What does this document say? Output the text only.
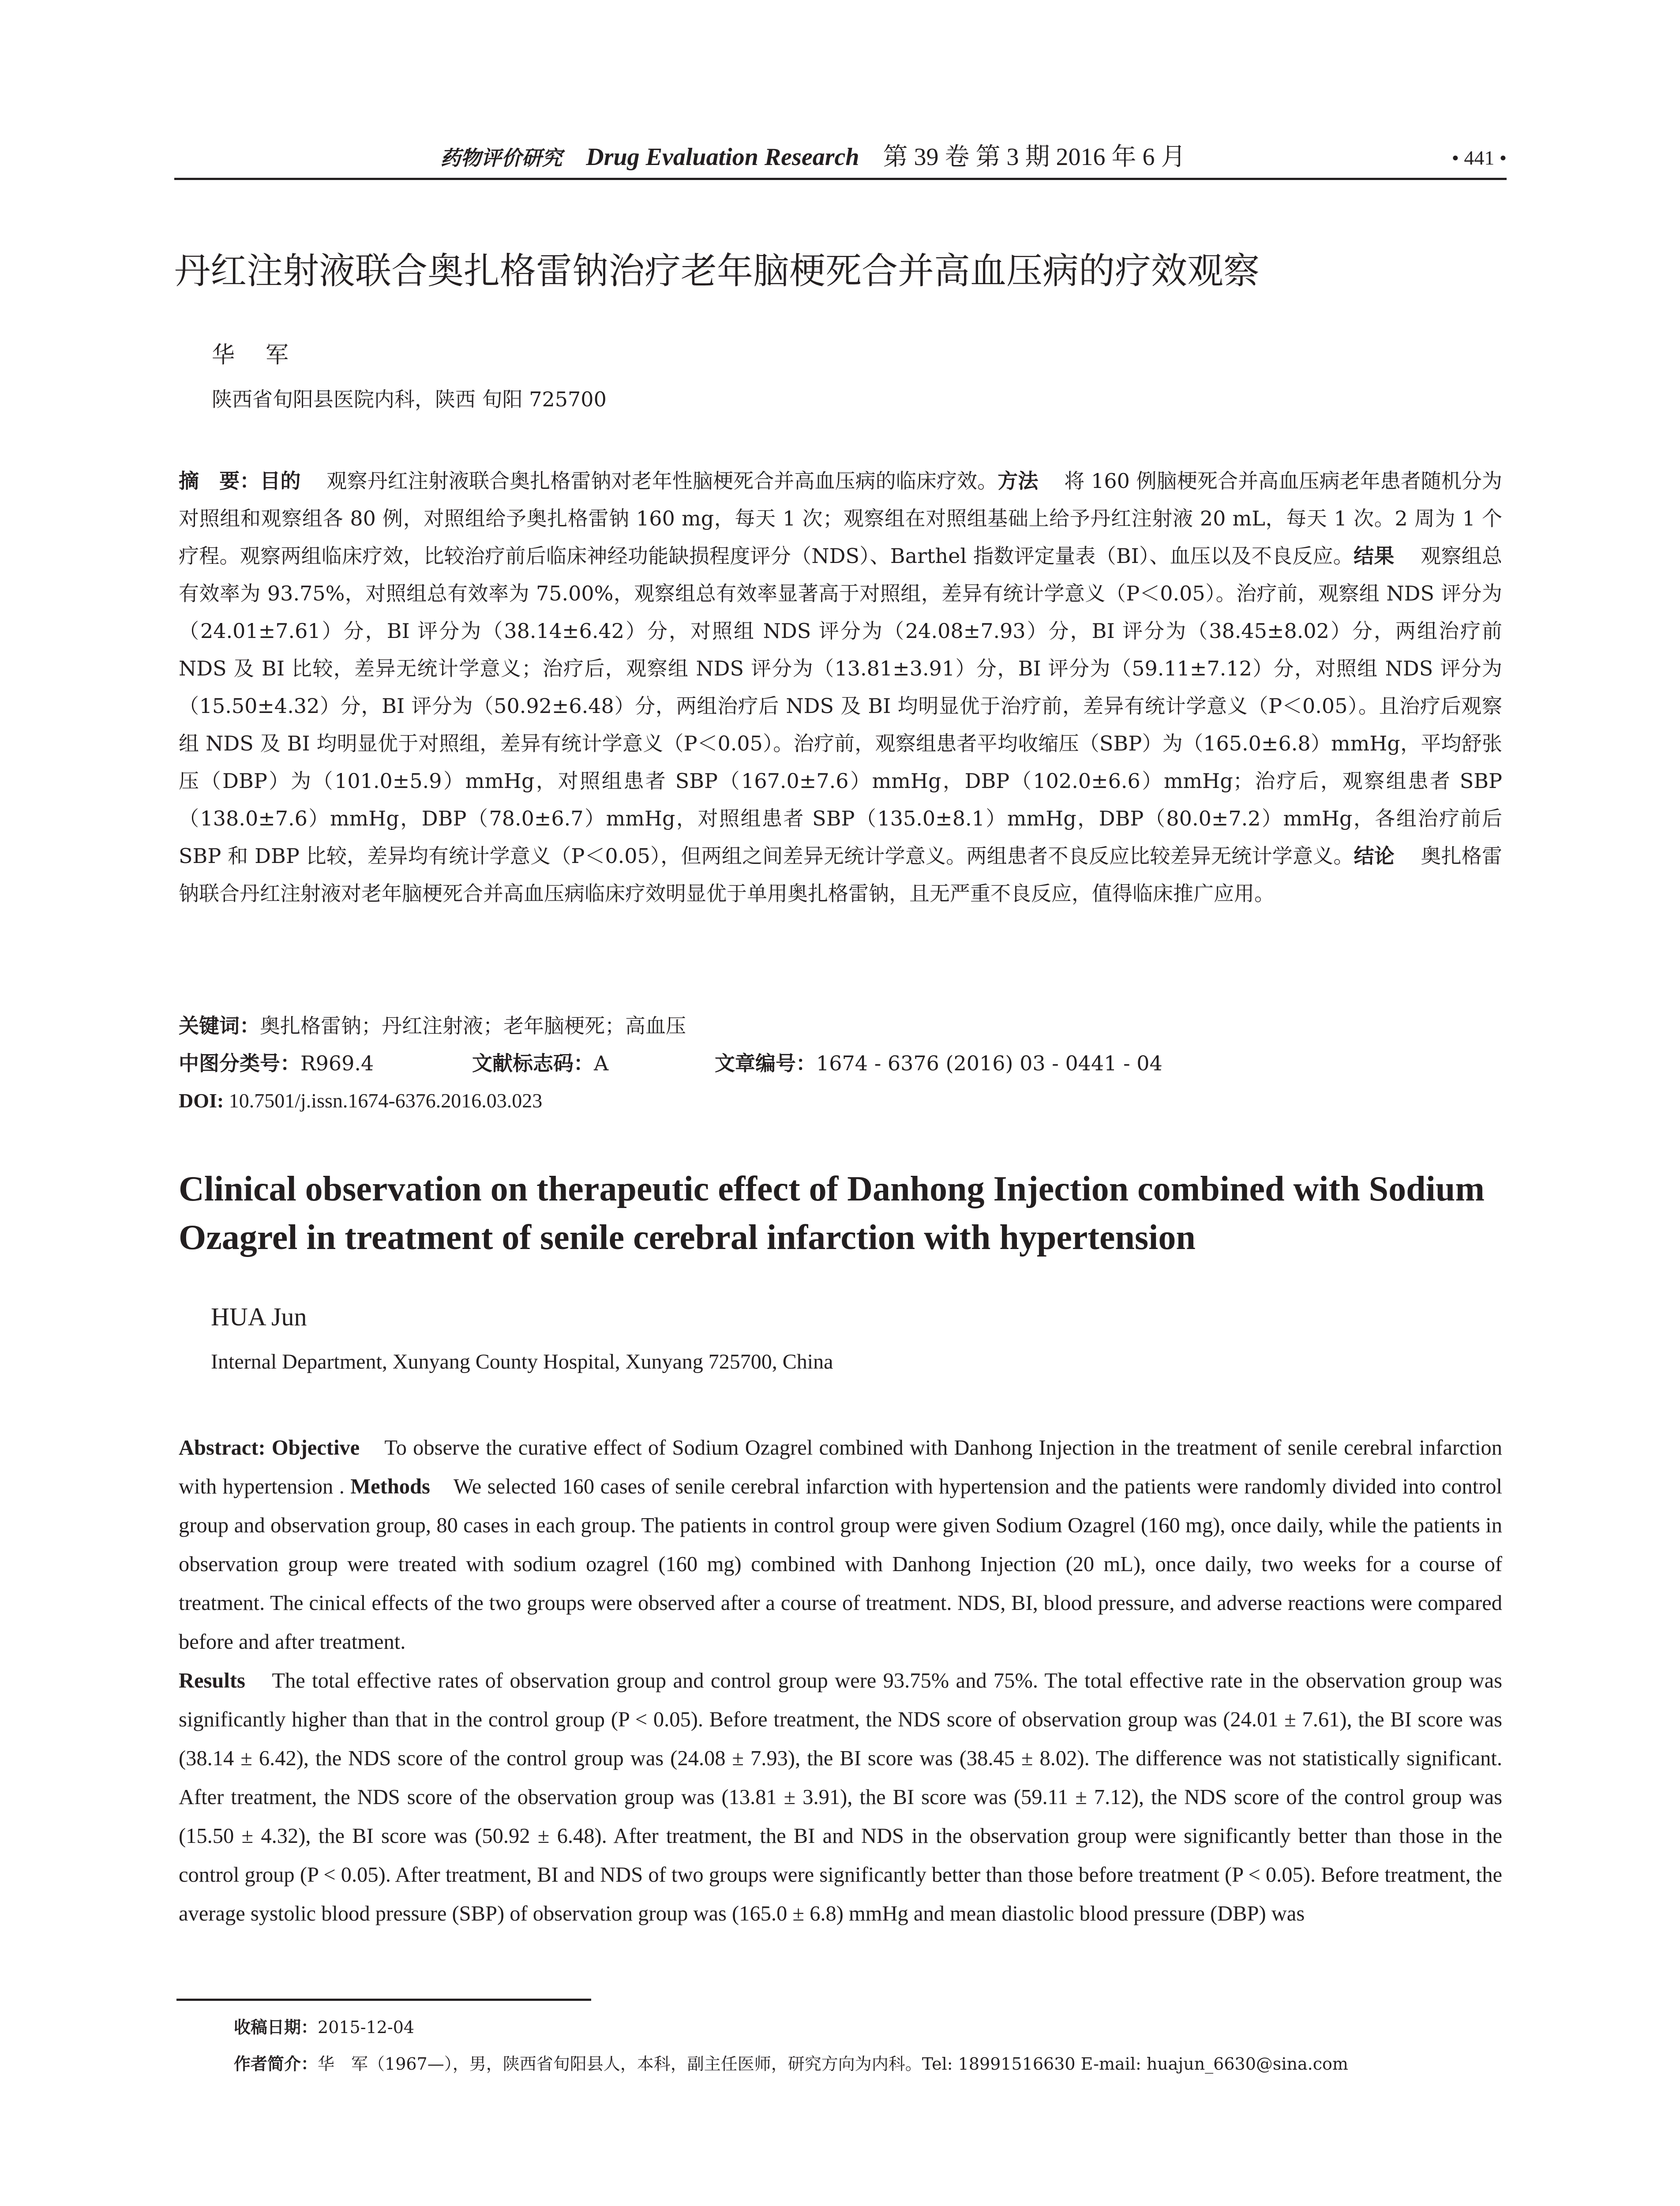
药物评价研究 Drug Evaluation Research 第 39 卷 第 3 期 2016 年 6 月	• 441 •
丹红注射液联合奥扎格雷钠治疗老年脑梗死合并高血压病的疗效观察
华军
陕西省旬阳县医院内科，陕西 旬阳 725700
摘　要：目的 观察丹红注射液联合奥扎格雷钠对老年性脑梗死合并高血压病的临床疗效。方法 将 160 例脑梗死合并高血压病老年患者随机分为对照组和观察组各 80 例，对照组给予奥扎格雷钠 160 mg，每天 1 次；观察组在对照组基础上给予丹红注射液 20 mL，每天 1 次。2 周为 1 个疗程。观察两组临床疗效，比较治疗前后临床神经功能缺损程度评分（NDS）、Barthel 指数评定量表（BI）、血压以及不良反应。结果 观察组总有效率为 93.75%，对照组总有效率为 75.00%，观察组总有效率显著高于对照组，差异有统计学意义（P＜0.05）。治疗前，观察组 NDS 评分为（24.01±7.61）分，BI 评分为（38.14±6.42）分，对照组 NDS 评分为（24.08±7.93）分，BI 评分为（38.45±8.02）分，两组治疗前 NDS 及 BI 比较，差异无统计学意义；治疗后，观察组 NDS 评分为（13.81±3.91）分，BI 评分为（59.11±7.12）分，对照组 NDS 评分为（15.50±4.32）分，BI 评分为（50.92±6.48）分，两组治疗后 NDS 及 BI 均明显优于治疗前，差异有统计学意义（P＜0.05）。且治疗后观察组 NDS 及 BI 均明显优于对照组，差异有统计学意义（P＜0.05）。治疗前，观察组患者平均收缩压（SBP）为（165.0±6.8）mmHg，平均舒张压（DBP）为（101.0±5.9）mmHg，对照组患者 SBP（167.0±7.6）mmHg，DBP（102.0±6.6）mmHg；治疗后，观察组患者 SBP（138.0±7.6）mmHg，DBP（78.0±6.7）mmHg，对照组患者 SBP（135.0±8.1）mmHg，DBP（80.0±7.2）mmHg，各组治疗前后 SBP 和 DBP 比较，差异均有统计学意义（P＜0.05），但两组之间差异无统计学意义。两组患者不良反应比较差异无统计学意义。结论 奥扎格雷钠联合丹红注射液对老年脑梗死合并高血压病临床疗效明显优于单用奥扎格雷钠，且无严重不良反应，值得临床推广应用。
关键词：奥扎格雷钠；丹红注射液；老年脑梗死；高血压
中图分类号：R969.4	文献标志码：A	文章编号：1674 - 6376 (2016) 03 - 0441 - 04
DOI: 10.7501/j.issn.1674-6376.2016.03.023
Clinical observation on therapeutic effect of Danhong Injection combined with Sodium Ozagrel in treatment of senile cerebral infarction with hypertension
HUA Jun
Internal Department, Xunyang County Hospital, Xunyang 725700, China
Abstract: Objective To observe the curative effect of Sodium Ozagrel combined with Danhong Injection in the treatment of senile cerebral infarction with hypertension . Methods We selected 160 cases of senile cerebral infarction with hypertension and the patients were randomly divided into control group and observation group, 80 cases in each group. The patients in control group were given Sodium Ozagrel (160 mg), once daily, while the patients in observation group were treated with sodium ozagrel (160 mg) combined with Danhong Injection (20 mL), once daily, two weeks for a course of treatment. The cinical effects of the two groups were observed after a course of treatment. NDS, BI, blood pressure, and adverse reactions were compared before and after treatment.
Results The total effective rates of observation group and control group were 93.75% and 75%. The total effective rate in the observation group was significantly higher than that in the control group (P < 0.05). Before treatment, the NDS score of observation group was (24.01 ± 7.61), the BI score was (38.14 ± 6.42), the NDS score of the control group was (24.08 ± 7.93), the BI score was (38.45 ± 8.02). The difference was not statistically significant. After treatment, the NDS score of the observation group was (13.81 ± 3.91), the BI score was (59.11 ± 7.12), the NDS score of the control group was (15.50 ± 4.32), the BI score was (50.92 ± 6.48). After treatment, the BI and NDS in the observation group were significantly better than those in the control group (P < 0.05). After treatment, BI and NDS of two groups were significantly better than those before treatment (P < 0.05). Before treatment, the average systolic blood pressure (SBP) of observation group was (165.0 ± 6.8) mmHg and mean diastolic blood pressure (DBP) was
收稿日期：2015-12-04
作者简介：华　军（1967—），男，陕西省旬阳县人，本科，副主任医师，研究方向为内科。Tel: 18991516630 E-mail: huajun_6630@sina.com
